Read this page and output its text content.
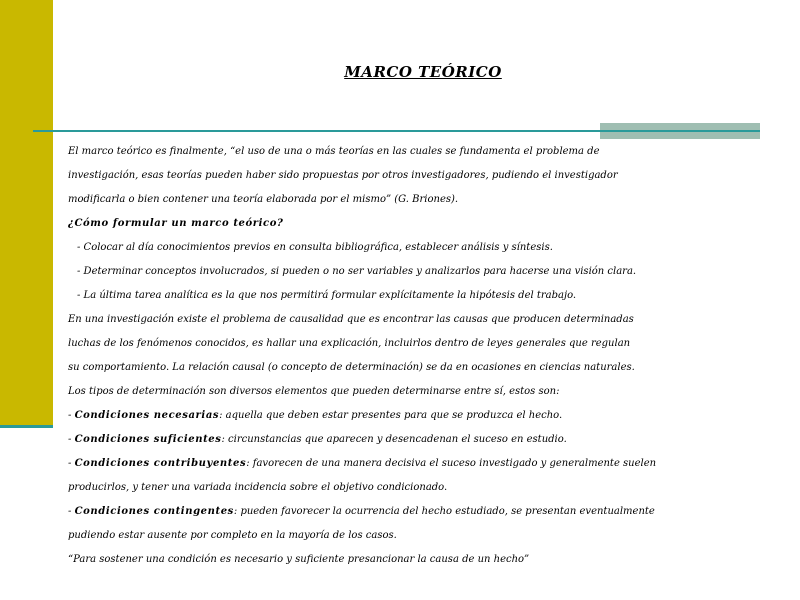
MARCO TEÓRICO
El marco teórico es finalmente, “el uso de una o más teorías en las cuales se fundamenta el problema de
investigación, esas teorías pueden haber sido propuestas por otros investigadores, pudiendo el investigador
modificarla o bien contener una teoría elaborada por el mismo” (G. Briones).
¿Cómo formular un marco teórico?
- Colocar al día conocimientos previos en consulta bibliográfica, establecer análisis y síntesis.
- Determinar conceptos involucrados, si pueden o no ser variables y analizarlos para hacerse una visión clara.
- La última tarea analítica es la que nos permitirá formular explícitamente la hipótesis del trabajo.
En una investigación existe el problema de causalidad que es encontrar las causas que producen determinadas
luchas de los fenómenos conocidos, es hallar una explicación, incluirlos dentro de leyes generales que regulan
su comportamiento. La relación causal (o concepto de determinación) se da en ocasiones en ciencias naturales.
Los tipos de determinación son diversos elementos que pueden determinarse entre sí, estos son:
- Condiciones necesarias: aquella que deben estar presentes para que se produzca el hecho.
- Condiciones suficientes: circunstancias que aparecen y desencadenan el suceso en estudio.
- Condiciones contribuyentes: favorecen de una manera decisiva el suceso investigado y generalmente suelen
producirlos, y tener una variada incidencia sobre el objetivo condicionado.
- Condiciones contingentes: pueden favorecer la ocurrencia del hecho estudiado, se presentan eventualmente
pudiendo estar ausente por completo en la mayoría de los casos.
“Para sostener una condición es necesario y suficiente presancionar la causa de un hecho”
